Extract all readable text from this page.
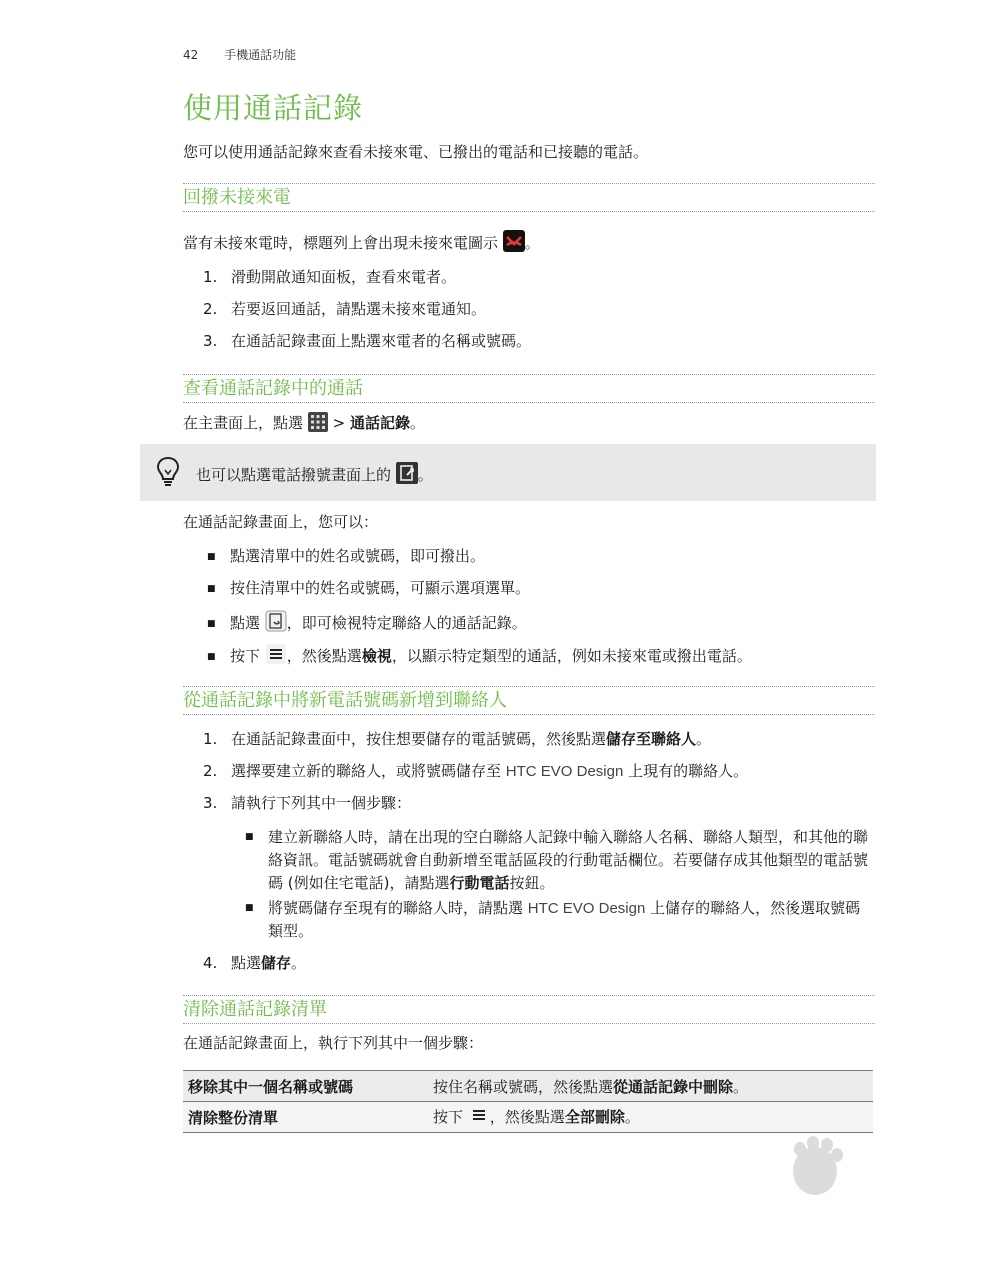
42 手機通話功能
使用通話記錄
您可以使用通話記錄來查看未接來電、已撥出的電話和已接聽的電話。
回撥未接來電
當有未接來電時，標題列上會出現未接來電圖示 。
1. 滑動開啟通知面板，查看來電者。
2. 若要返回通話，請點選未接來電通知。
3. 在通話記錄畫面上點選來電者的名稱或號碼。
查看通話記錄中的通話
在主畫面上，點選 > 通話記錄。
也可以點選電話撥號畫面上的 。
在通話記錄畫面上，您可以：
■ 點選清單中的姓名或號碼，即可撥出。
■ 按住清單中的姓名或號碼，可顯示選項選單。
■ 點選 ，即可檢視特定聯絡人的通話記錄。
■ 按下 ，然後點選檢視，以顯示特定類型的通話，例如未接來電或撥出電話。
從通話記錄中將新電話號碼新增到聯絡人
1. 在通話記錄畫面中，按住想要儲存的電話號碼，然後點選儲存至聯絡人。
2. 選擇要建立新的聯絡人，或將號碼儲存至 HTC EVO Design 上現有的聯絡人。
3. 請執行下列其中一個步驟：
■ 建立新聯絡人時，請在出現的空白聯絡人記錄中輸入聯絡人名稱、聯絡人類型，和其他的聯絡資訊。電話號碼就會自動新增至電話區段的行動電話欄位。若要儲存成其他類型的電話號碼 (例如住宅電話)，請點選行動電話按鈕。
■ 將號碼儲存至現有的聯絡人時，請點選 HTC EVO Design 上儲存的聯絡人，然後選取號碼類型。
4. 點選儲存。
清除通話記錄清單
在通話記錄畫面上，執行下列其中一個步驟：
移除其中一個名稱或號碼	按住名稱或號碼，然後點選從通話記錄中刪除。
清除整份清單	按下 ，然後點選全部刪除。
